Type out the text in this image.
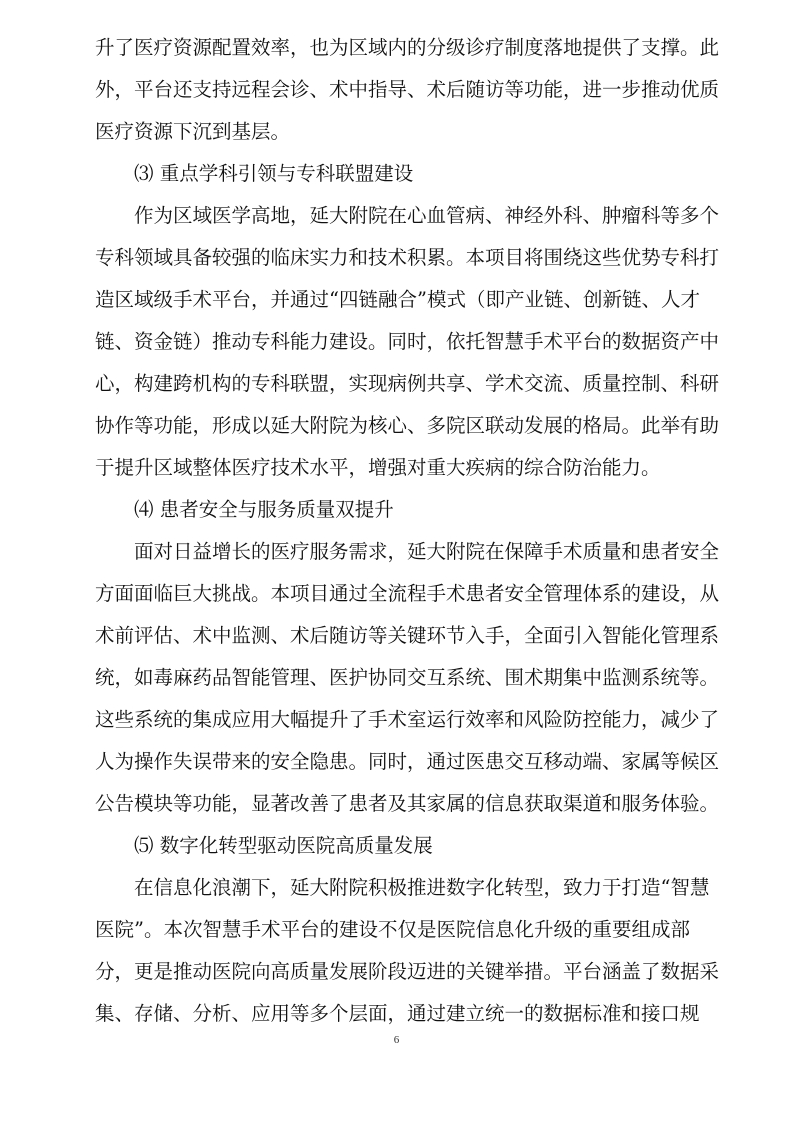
升了医疗资源配置效率，也为区域内的分级诊疗制度落地提供了支撑。此
外，平台还支持远程会诊、术中指导、术后随访等功能，进一步推动优质
医疗资源下沉到基层。
⑶ 重点学科引领与专科联盟建设
作为区域医学高地，延大附院在心血管病、神经外科、肿瘤科等多个
专科领域具备较强的临床实力和技术积累。本项目将围绕这些优势专科打
造区域级手术平台，并通过“四链融合”模式（即产业链、创新链、人才
链、资金链）推动专科能力建设。同时，依托智慧手术平台的数据资产中
心，构建跨机构的专科联盟，实现病例共享、学术交流、质量控制、科研
协作等功能，形成以延大附院为核心、多院区联动发展的格局。此举有助
于提升区域整体医疗技术水平，增强对重大疾病的综合防治能力。
⑷ 患者安全与服务质量双提升
面对日益增长的医疗服务需求，延大附院在保障手术质量和患者安全
方面面临巨大挑战。本项目通过全流程手术患者安全管理体系的建设，从
术前评估、术中监测、术后随访等关键环节入手，全面引入智能化管理系
统，如毒麻药品智能管理、医护协同交互系统、围术期集中监测系统等。
这些系统的集成应用大幅提升了手术室运行效率和风险防控能力，减少了
人为操作失误带来的安全隐患。同时，通过医患交互移动端、家属等候区
公告模块等功能，显著改善了患者及其家属的信息获取渠道和服务体验。
⑸ 数字化转型驱动医院高质量发展
在信息化浪潮下，延大附院积极推进数字化转型，致力于打造“智慧
医院”。本次智慧手术平台的建设不仅是医院信息化升级的重要组成部
分，更是推动医院向高质量发展阶段迈进的关键举措。平台涵盖了数据采
集、存储、分析、应用等多个层面，通过建立统一的数据标准和接口规
6
